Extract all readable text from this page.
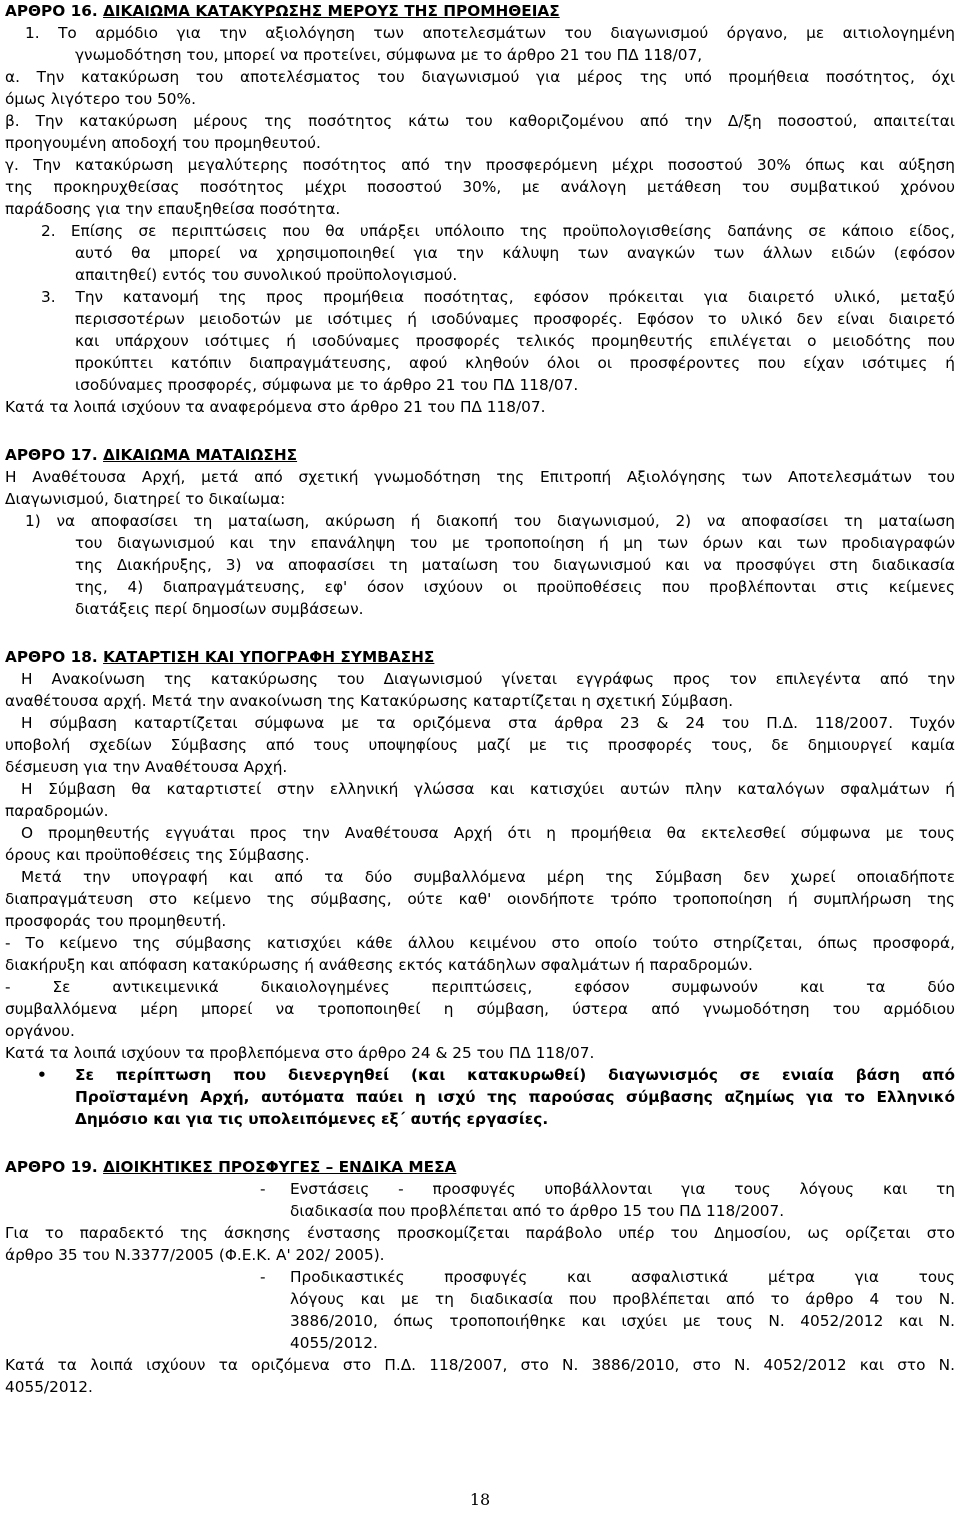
ΑΡΘΡΟ 16. ΔΙΚΑΙΩΜΑ ΚΑΤΑΚΥΡΩΣΗΣ ΜΕΡΟΥΣ ΤΗΣ ΠΡΟΜΗΘΕΙΑΣ
1. Το αρμόδιο για την αξιολόγηση των αποτελεσμάτων του διαγωνισμού όργανο, με αιτιολογημένη
γνωμοδότηση του, μπορεί να προτείνει, σύμφωνα με το άρθρο 21 του ΠΔ 118/07,
α. Την κατακύρωση του αποτελέσματος του διαγωνισμού για μέρος της υπό προμήθεια ποσότητος, όχι
όμως λιγότερο του 50%.
β. Την κατακύρωση μέρους της ποσότητος κάτω του καθοριζομένου από την Δ/ξη ποσοστού, απαιτείται
προηγουμένη αποδοχή του προμηθευτού.
γ. Την κατακύρωση μεγαλύτερης ποσότητος από την προσφερόμενη μέχρι ποσοστού 30% όπως και αύξηση
της προκηρυχθείσας ποσότητος μέχρι ποσοστού 30%, με ανάλογη μετάθεση του συμβατικού χρόνου
παράδοσης για την επαυξηθείσα ποσότητα.
2. Επίσης σε περιπτώσεις που θα υπάρξει υπόλοιπο της προϋπολογισθείσης δαπάνης σε κάποιο είδος,
αυτό θα μπορεί να χρησιμοποιηθεί για την κάλυψη των αναγκών των άλλων ειδών (εφόσον
απαιτηθεί) εντός του συνολικού προϋπολογισμού.
3. Την κατανομή της προς προμήθεια ποσότητας, εφόσον πρόκειται για διαιρετό υλικό, μεταξύ
περισσοτέρων μειοδοτών με ισότιμες ή ισοδύναμες προσφορές. Εφόσον το υλικό δεν είναι διαιρετό
και υπάρχουν ισότιμες ή ισοδύναμες προσφορές τελικός προμηθευτής επιλέγεται ο μειοδότης που
προκύπτει κατόπιν διαπραγμάτευσης, αφού κληθούν όλοι οι προσφέροντες που είχαν ισότιμες ή
ισοδύναμες προσφορές, σύμφωνα με το άρθρο 21 του ΠΔ 118/07.
Κατά τα λοιπά ισχύουν τα αναφερόμενα στο άρθρο 21 του ΠΔ 118/07.
ΑΡΘΡΟ 17. ΔΙΚΑΙΩΜΑ ΜΑΤΑΙΩΣΗΣ
Η Αναθέτουσα Αρχή, μετά από σχετική γνωμοδότηση της Επιτροπή Αξιολόγησης των Αποτελεσμάτων του
Διαγωνισμού, διατηρεί το δικαίωμα:
1) να αποφασίσει τη ματαίωση, ακύρωση ή διακοπή του διαγωνισμού, 2) να αποφασίσει τη ματαίωση
του διαγωνισμού και την επανάληψη του με τροποποίηση ή μη των όρων και των προδιαγραφών
της Διακήρυξης, 3) να αποφασίσει τη ματαίωση του διαγωνισμού και να προσφύγει στη διαδικασία
της, 4) διαπραγμάτευσης, εφ' όσον ισχύουν οι προϋποθέσεις που προβλέπονται στις κείμενες
διατάξεις περί δημοσίων συμβάσεων.
ΑΡΘΡΟ 18. ΚΑΤΑΡΤΙΣΗ ΚΑΙ ΥΠΟΓΡΑΦΗ ΣΥΜΒΑΣΗΣ
Η Ανακοίνωση της κατακύρωσης του Διαγωνισμού γίνεται εγγράφως προς τον επιλεγέντα από την
αναθέτουσα αρχή. Μετά την ανακοίνωση της Κατακύρωσης καταρτίζεται η σχετική Σύμβαση.
Η σύμβαση καταρτίζεται σύμφωνα με τα οριζόμενα στα άρθρα 23 & 24 του Π.Δ. 118/2007. Τυχόν
υποβολή σχεδίων Σύμβασης από τους υποψηφίους μαζί με τις προσφορές τους, δε δημιουργεί καμία
δέσμευση για την Αναθέτουσα Αρχή.
Η Σύμβαση θα καταρτιστεί στην ελληνική γλώσσα και κατισχύει αυτών πλην καταλόγων σφαλμάτων ή
παραδρομών.
Ο προμηθευτής εγγυάται προς την Αναθέτουσα Αρχή ότι η προμήθεια θα εκτελεσθεί σύμφωνα με τους
όρους και προϋποθέσεις της Σύμβασης.
Μετά την υπογραφή και από τα δύο συμβαλλόμενα μέρη της Σύμβαση δεν χωρεί οποιαδήποτε
διαπραγμάτευση στο κείμενο της σύμβασης, ούτε καθ' οιονδήποτε τρόπο τροποποίηση ή συμπλήρωση της
προσφοράς του προμηθευτή.
- Το κείμενο της σύμβασης κατισχύει κάθε άλλου κειμένου στο οποίο τούτο στηρίζεται, όπως προσφορά,
διακήρυξη και απόφαση κατακύρωσης ή ανάθεσης εκτός κατάδηλων σφαλμάτων ή παραδρομών.
- Σε αντικειμενικά δικαιολογημένες περιπτώσεις, εφόσον συμφωνούν και τα δύο
συμβαλλόμενα μέρη μπορεί να τροποποιηθεί η σύμβαση, ύστερα από γνωμοδότηση του αρμόδιου
οργάνου.
Κατά τα λοιπά ισχύουν τα προβλεπόμενα στο άρθρο 24 & 25 του ΠΔ 118/07.
• Σε περίπτωση που διενεργηθεί (και κατακυρωθεί) διαγωνισμός σε ενιαία βάση από
Προϊσταμένη Αρχή, αυτόματα παύει η ισχύ της παρούσας σύμβασης αζημίως για το Ελληνικό
Δημόσιο και για τις υπολειπόμενες εξ΄ αυτής εργασίες.
ΑΡΘΡΟ 19. ΔΙΟΙΚΗΤΙΚΕΣ ΠΡΟΣΦΥΓΕΣ – ΕΝΔΙΚΑ ΜΕΣΑ
- Ενστάσεις - προσφυγές υποβάλλονται για τους λόγους και τη
διαδικασία που προβλέπεται από το άρθρο 15 του ΠΔ 118/2007.
Για το παραδεκτό της άσκησης ένστασης προσκομίζεται παράβολο υπέρ του Δημοσίου, ως ορίζεται στο
άρθρο 35 του Ν.3377/2005 (Φ.Ε.Κ. Α' 202/ 2005).
- Προδικαστικές προσφυγές και ασφαλιστικά μέτρα για τους
λόγους και με τη διαδικασία που προβλέπεται από το άρθρο 4 του Ν.
3886/2010, όπως τροποποιήθηκε και ισχύει με τους Ν. 4052/2012 και Ν.
4055/2012.
Κατά τα λοιπά ισχύουν τα οριζόμενα στο Π.Δ. 118/2007, στο Ν. 3886/2010, στο Ν. 4052/2012 και στο Ν.
4055/2012.
18
